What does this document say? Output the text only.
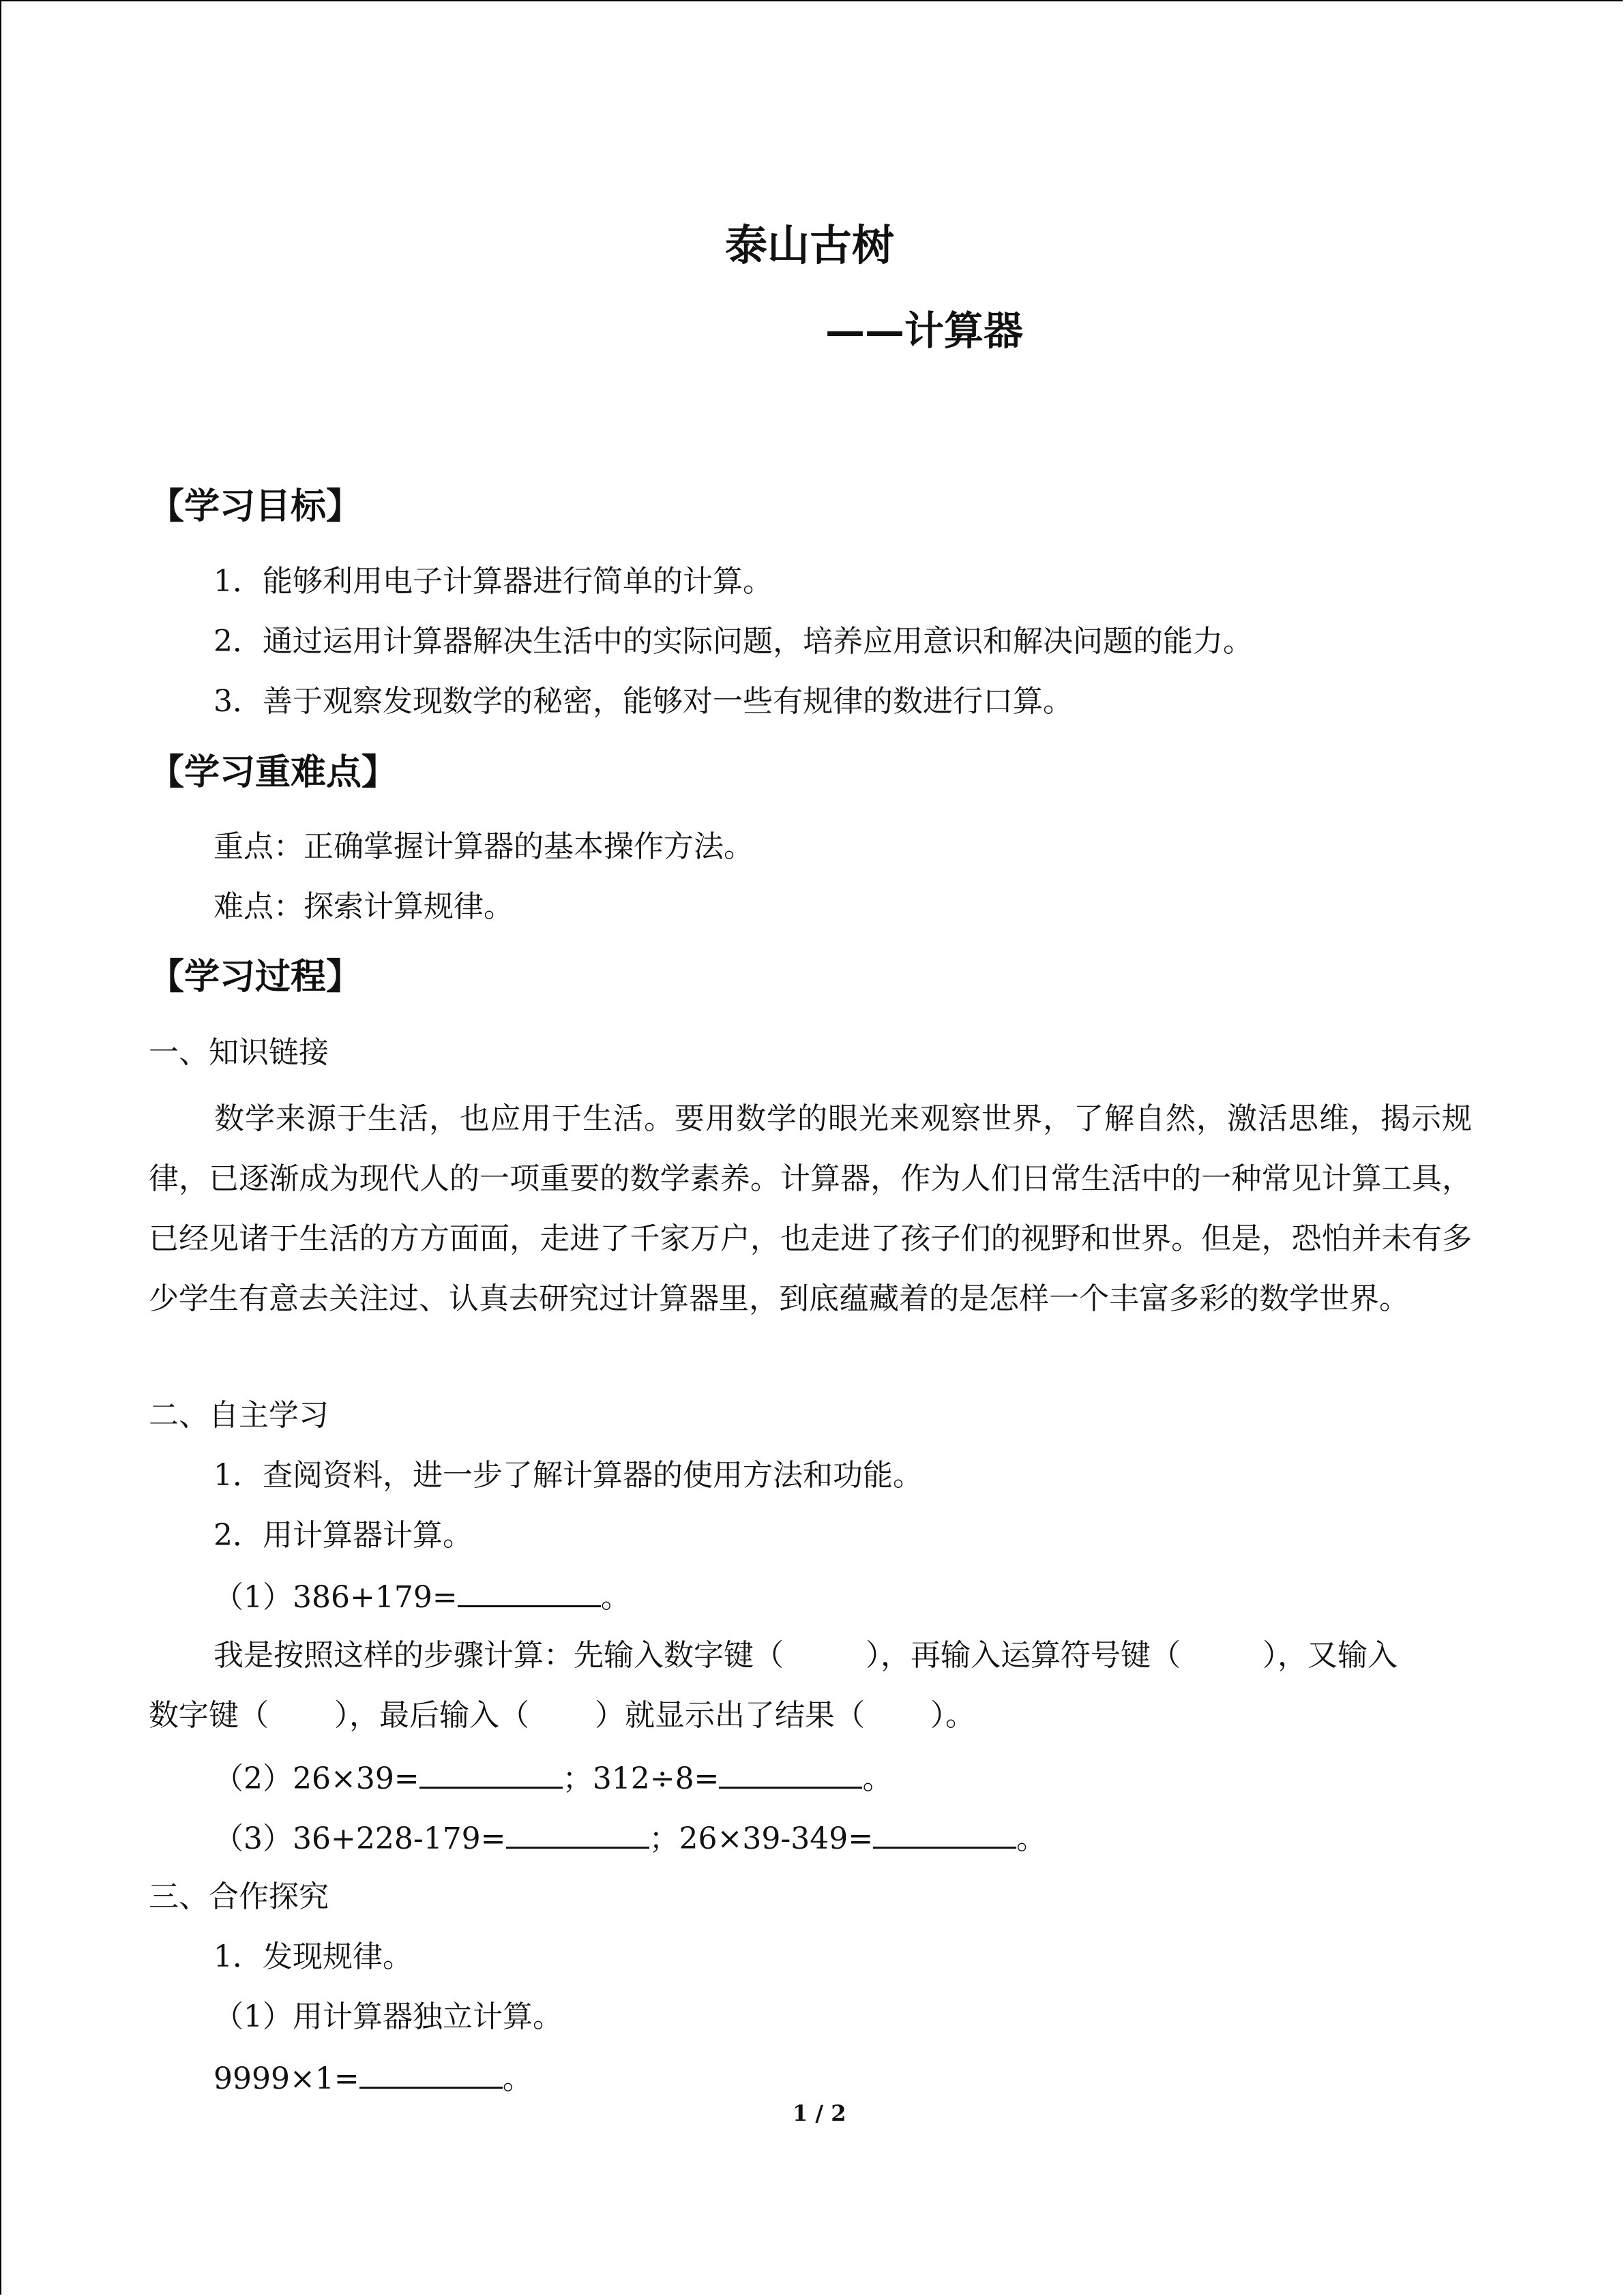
泰山古树
——计算器
【学习目标】
1．能够利用电子计算器进行简单的计算。
2．通过运用计算器解决生活中的实际问题，培养应用意识和解决问题的能力。
3．善于观察发现数学的秘密，能够对一些有规律的数进行口算。
【学习重难点】
重点：正确掌握计算器的基本操作方法。
难点：探索计算规律。
【学习过程】
一、知识链接

数学来源于生活，也应用于生活。要用数学的眼光来观察世界，了解自然，激活思维，揭示规律，已逐渐成为现代人的一项重要的数学素养。计算器，作为人们日常生活中的一种常见计算工具，已经见诸于生活的方方面面，走进了千家万户，也走进了孩子们的视野和世界。但是，恐怕并未有多少学生有意去关注过、认真去研究过计算器里，到底蕴藏着的是怎样一个丰富多彩的数学世界。

二、自主学习
1．查阅资料，进一步了解计算器的使用方法和功能。
2．用计算器计算。
（1）386+179=	。
我是按照这样的步骤计算：先输入数字键（	），再输入运算符号键（	），又输入
数字键（ ），最后输入（ ）就显示出了结果（ ）。
（2）26×39=	；312÷8=	。
（3）36+228-179=	；26×39-349=	。
三、合作探究
1．发现规律。
（1）用计算器独立计算。
9999×1=	。
1 / 2
